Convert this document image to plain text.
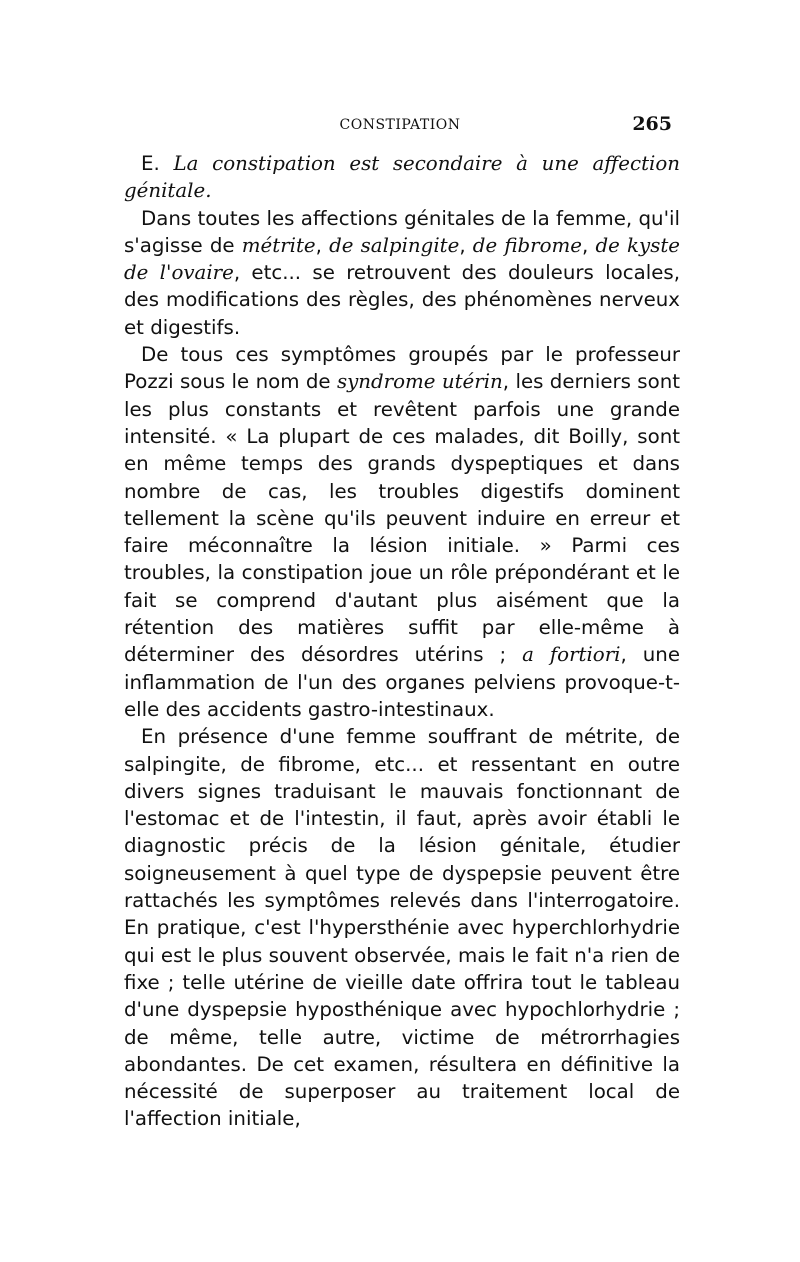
CONSTIPATION	265

E. La constipation est secondaire à une affection génitale.

Dans toutes les affections génitales de la femme, qu'il s'agisse de métrite, de salpingite, de fibrome, de kyste de l'ovaire, etc... se retrouvent des douleurs locales, des modifications des règles, des phénomènes nerveux et digestifs.

De tous ces symptômes groupés par le professeur Pozzi sous le nom de syndrome utérin, les derniers sont les plus constants et revêtent parfois une grande intensité. « La plupart de ces malades, dit Boilly, sont en même temps des grands dyspeptiques et dans nombre de cas, les troubles digestifs dominent tellement la scène qu'ils peuvent induire en erreur et faire méconnaître la lésion initiale. » Parmi ces troubles, la constipation joue un rôle prépondérant et le fait se comprend d'autant plus aisément que la rétention des matières suffit par elle-même à déterminer des désordres utérins ; a fortiori, une inflammation de l'un des organes pelviens provoque-t-elle des accidents gastro-intestinaux.

En présence d'une femme souffrant de métrite, de salpingite, de fibrome, etc... et ressentant en outre divers signes traduisant le mauvais fonctionnant de l'estomac et de l'intestin, il faut, après avoir établi le diagnostic précis de la lésion génitale, étudier soigneusement à quel type de dyspepsie peuvent être rattachés les symptômes relevés dans l'interrogatoire. En pratique, c'est l'hypersthénie avec hyperchlorhydrie qui est le plus souvent observée, mais le fait n'a rien de fixe ; telle utérine de vieille date offrira tout le tableau d'une dyspepsie hyposthénique avec hypochlorhydrie ; de même, telle autre, victime de métrorrhagies abondantes. De cet examen, résultera en définitive la nécessité de superposer au traitement local de l'affection initiale,
